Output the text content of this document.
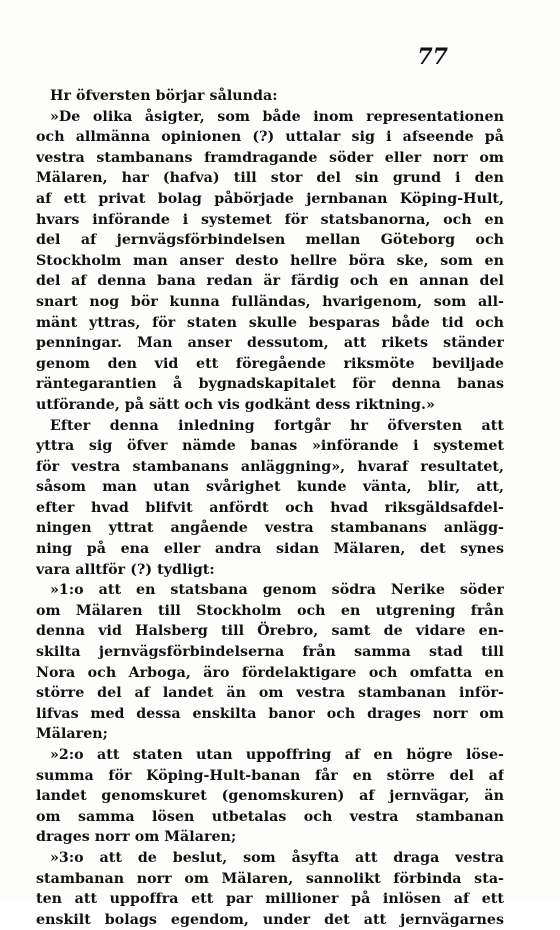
77
Hr öfversten börjar sålunda:
»De olika åsigter, som både inom representationen
och allmänna opinionen (?) uttalar sig i afseende på
vestra stambanans framdragande söder eller norr om
Mälaren, har (hafva) till stor del sin grund i den
af ett privat bolag påbörjade jernbanan Köping-Hult,
hvars införande i systemet för statsbanorna, och en
del af jernvägsförbindelsen mellan Göteborg och
Stockholm man anser desto hellre böra ske, som en
del af denna bana redan är färdig och en annan del
snart nog bör kunna fulländas, hvarigenom, som all-
mänt yttras, för staten skulle besparas både tid och
penningar. Man anser dessutom, att rikets ständer
genom den vid ett föregående riksmöte beviljade
räntegarantien å bygnadskapitalet för denna banas
utförande, på sätt och vis godkänt dess riktning.»
Efter denna inledning fortgår hr öfversten att
yttra sig öfver nämde banas »införande i systemet
för vestra stambanans anläggning», hvaraf resultatet,
såsom man utan svårighet kunde vänta, blir, att,
efter hvad blifvit anfördt och hvad riksgäldsafdel-
ningen yttrat angående vestra stambanans anlägg-
ning på ena eller andra sidan Mälaren, det synes
vara alltför (?) tydligt:
»1:o att en statsbana genom södra Nerike söder
om Mälaren till Stockholm och en utgrening från
denna vid Halsberg till Örebro, samt de vidare en-
skilta jernvägsförbindelserna från samma stad till
Nora och Arboga, äro fördelaktigare och omfatta en
större del af landet än om vestra stambanan inför-
lifvas med dessa enskilta banor och drages norr om
Mälaren;
»2:o att staten utan uppoffring af en högre löse-
summa för Köping-Hult-banan får en större del af
landet genomskuret (genomskuren) af jernvägar, än
om samma lösen utbetalas och vestra stambanan
drages norr om Mälaren;
»3:o att de beslut, som åsyfta att draga vestra
stambanan norr om Mälaren, sannolikt förbinda sta-
ten att uppoffra ett par millioner på inlösen af ett
enskilt bolags egendom, under det att jernvägarnes
